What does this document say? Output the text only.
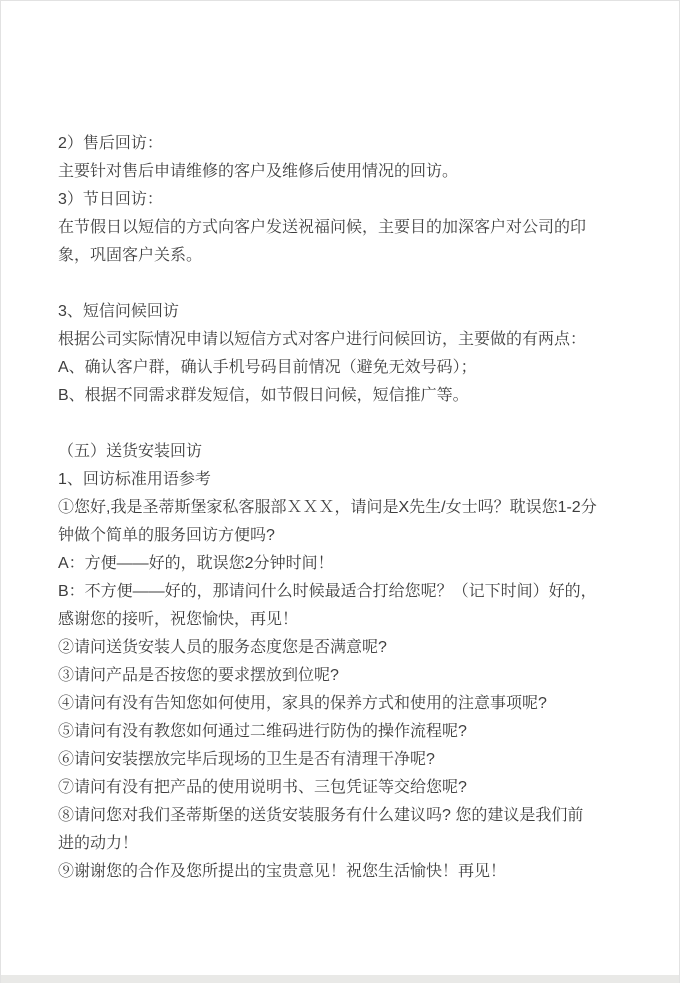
2）售后回访：
主要针对售后申请维修的客户及维修后使用情况的回访。
3）节日回访：
在节假日以短信的方式向客户发送祝福问候，主要目的加深客户对公司的印
象，巩固客户关系。
3、短信问候回访
根据公司实际情况申请以短信方式对客户进行问候回访，主要做的有两点：
A、确认客户群，确认手机号码目前情况（避免无效号码）；
B、根据不同需求群发短信，如节假日问候，短信推广等。
（五）送货安装回访
1、回访标准用语参考
①您好,我是圣蒂斯堡家私客服部ＸＸＸ，请问是X先生/女士吗？耽误您1-2分
钟做个简单的服务回访方便吗?
A：方便——好的，耽误您2分钟时间！
B：不方便——好的，那请问什么时候最适合打给您呢？（记下时间）好的，
感谢您的接听，祝您愉快，再见！
②请问送货安装人员的服务态度您是否满意呢?
③请问产品是否按您的要求摆放到位呢?
④请问有没有告知您如何使用，家具的保养方式和使用的注意事项呢?
⑤请问有没有教您如何通过二维码进行防伪的操作流程呢?
⑥请问安装摆放完毕后现场的卫生是否有清理干净呢?
⑦请问有没有把产品的使用说明书、三包凭证等交给您呢?
⑧请问您对我们圣蒂斯堡的送货安装服务有什么建议吗? 您的建议是我们前
进的动力！
⑨谢谢您的合作及您所提出的宝贵意见！祝您生活愉快！再见！
